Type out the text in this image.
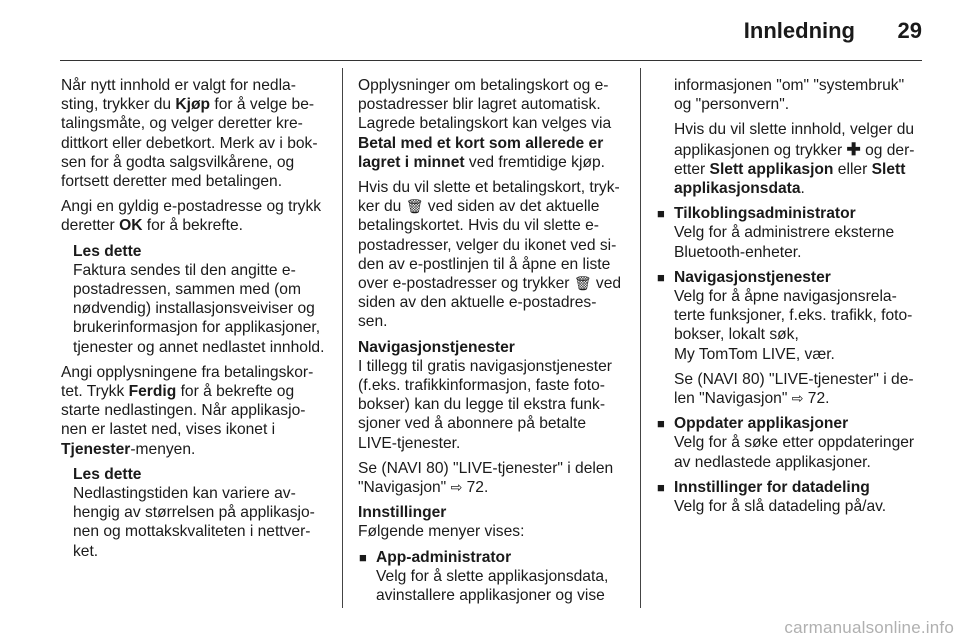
Innledning 29
Når nytt innhold er valgt for nedla-
sting, trykker du Kjøp for å velge be-
talingsmåte, og velger deretter kre-
dittkort eller debetkort. Merk av i bok-
sen for å godta salgsvilkårene, og
fortsett deretter med betalingen.
Angi en gyldig e-postadresse og trykk
deretter OK for å bekrefte.
Les dette
Faktura sendes til den angitte e-
postadressen, sammen med (om
nødvendig) installasjonsveiviser og
brukerinformasjon for applikasjoner,
tjenester og annet nedlastet innhold.
Angi opplysningene fra betalingskor-
tet. Trykk Ferdig for å bekrefte og
starte nedlastingen. Når applikasjo-
nen er lastet ned, vises ikonet i
Tjenester-menyen.
Les dette
Nedlastingstiden kan variere av-
hengig av størrelsen på applikasjo-
nen og mottakskvaliteten i nettver-
ket.
Opplysninger om betalingskort og e-
postadresser blir lagret automatisk.
Lagrede betalingskort kan velges via
Betal med et kort som allerede er
lagret i minnet ved fremtidige kjøp.
Hvis du vil slette et betalingskort, tryk-
ker du 🗑 ved siden av det aktuelle
betalingskortet. Hvis du vil slette e-
postadresser, velger du ikonet ved si-
den av e-postlinjen til å åpne en liste
over e-postadresser og trykker 🗑 ved
siden av den aktuelle e-postadres-
sen.
Navigasjonstjenester
I tillegg til gratis navigasjonstjenester
(f.eks. trafikkinformasjon, faste foto-
bokser) kan du legge til ekstra funk-
sjoner ved å abonnere på betalte
LIVE-tjenester.
Se (NAVI 80) "LIVE-tjenester" i delen
"Navigasjon" ⇨ 72.
Innstillinger
Følgende menyer vises:
■ App-administrator
Velg for å slette applikasjonsdata,
avinstallere applikasjoner og vise
informasjonen "om" "systembruk"
og "personvern".
Hvis du vil slette innhold, velger du
applikasjonen og trykker ✚ og der-
etter Slett applikasjon eller Slett
applikasjonsdata.
■ Tilkoblingsadministrator
Velg for å administrere eksterne
Bluetooth-enheter.
■ Navigasjonstjenester
Velg for å åpne navigasjonsrela-
terte funksjoner, f.eks. trafikk, foto-
bokser, lokalt søk,
My TomTom LIVE, vær.
Se (NAVI 80) "LIVE-tjenester" i de-
len "Navigasjon" ⇨ 72.
■ Oppdater applikasjoner
Velg for å søke etter oppdateringer
av nedlastede applikasjoner.
■ Innstillinger for datadeling
Velg for å slå datadeling på/av.
carmanualsonline.info
